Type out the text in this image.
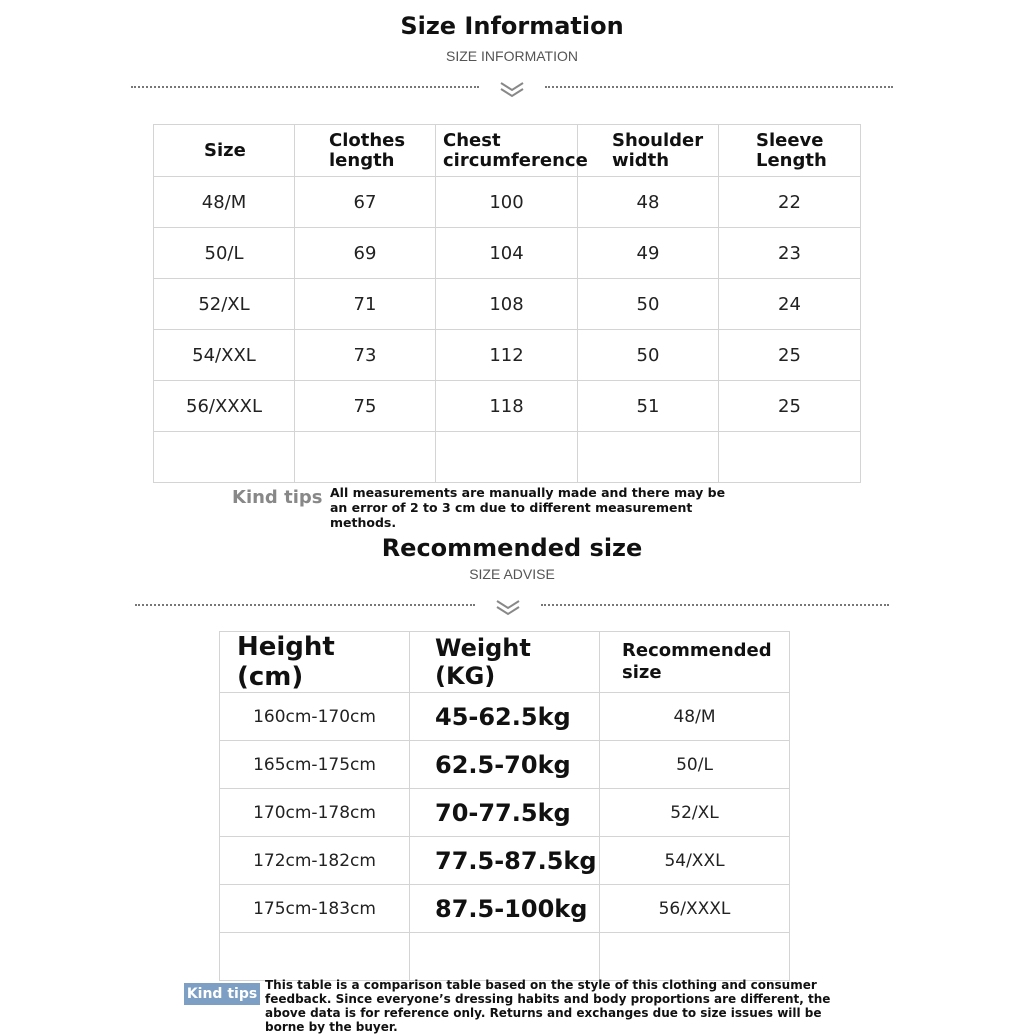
Size Information
SIZE INFORMATION
Size	Clothes length	Chest circumference	Shoulder width	Sleeve Length

48/M	67	100	48	22
50/L	69	104	49	23
52/XL	71	108	50	24
54/XXL	73	112	50	25
56/XXXL	75	118	51	25

Kind tips All measurements are manually made and there may be an error of 2 to 3 cm due to different measurement methods.
Recommended size
SIZE ADVISE
Height (cm)	Weight (KG)	Recommended size
160cm-170cm	45-62.5kg	48/M
165cm-175cm	62.5-70kg	50/L
170cm-178cm	70-77.5kg	52/XL
172cm-182cm	77.5-87.5kg	54/XXL
175cm-183cm	87.5-100kg	56/XXXL

Kind tips
This table is a comparison table based on the style of this clothing and consumer feedback. Since everyone’s dressing habits and body proportions are different, the above data is for reference only. Returns and exchanges due to size issues will be borne by the buyer.
